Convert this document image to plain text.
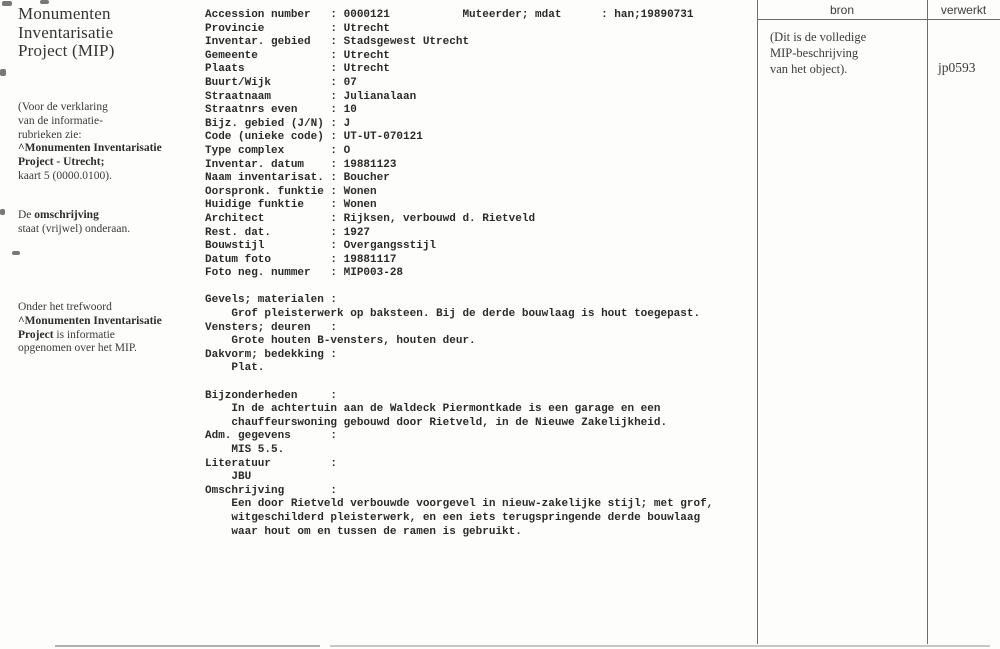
Monumenten
Inventarisatie
Project (MIP)
(Voor de verklaring
van de informatie-
rubrieken zie:
^Monumenten Inventarisatie
Project - Utrecht;
kaart 5 (0000.0100).
De omschrijving
staat (vrijwel) onderaan.
Onder het trefwoord
^Monumenten Inventarisatie
Project is informatie
opgenomen over het MIP.
Accession number   : 0000121           Muteerder; mdat      : han;19890731
Provincie          : Utrecht
Inventar. gebied   : Stadsgewest Utrecht
Gemeente           : Utrecht
Plaats             : Utrecht
Buurt/Wijk         : 07
Straatnaam         : Julianalaan
Straatnrs even     : 10
Bijz. gebied (J/N) : J
Code (unieke code) : UT-UT-070121
Type complex       : O
Inventar. datum    : 19881123
Naam inventarisat. : Boucher
Oorspronk. funktie : Wonen
Huidige funktie    : Wonen
Architect          : Rijksen, verbouwd d. Rietveld
Rest. dat.         : 1927
Bouwstijl          : Overgangsstijl
Datum foto         : 19881117
Foto neg. nummer   : MIP003-28
Gevels; materialen :
Grof pleisterwerk op baksteen. Bij de derde bouwlaag is hout toegepast.
Vensters; deuren   :
Grote houten B-vensters, houten deur.
Dakvorm; bedekking :
Plat.
Bijzonderheden     :
In de achtertuin aan de Waldeck Piermontkade is een garage en een
chauffeurswoning gebouwd door Rietveld, in de Nieuwe Zakelijkheid.
Adm. gegevens      :
MIS 5.5.
Literatuur         :
JBU
Omschrijving       :
Een door Rietveld verbouwde voorgevel in nieuw-zakelijke stijl; met grof,
witgeschilderd pleisterwerk, en een iets terugspringende derde bouwlaag
waar hout om en tussen de ramen is gebruikt.
bron	verwerkt
(Dit is de volledige
MIP-beschrijving
van het object).	jp0593
